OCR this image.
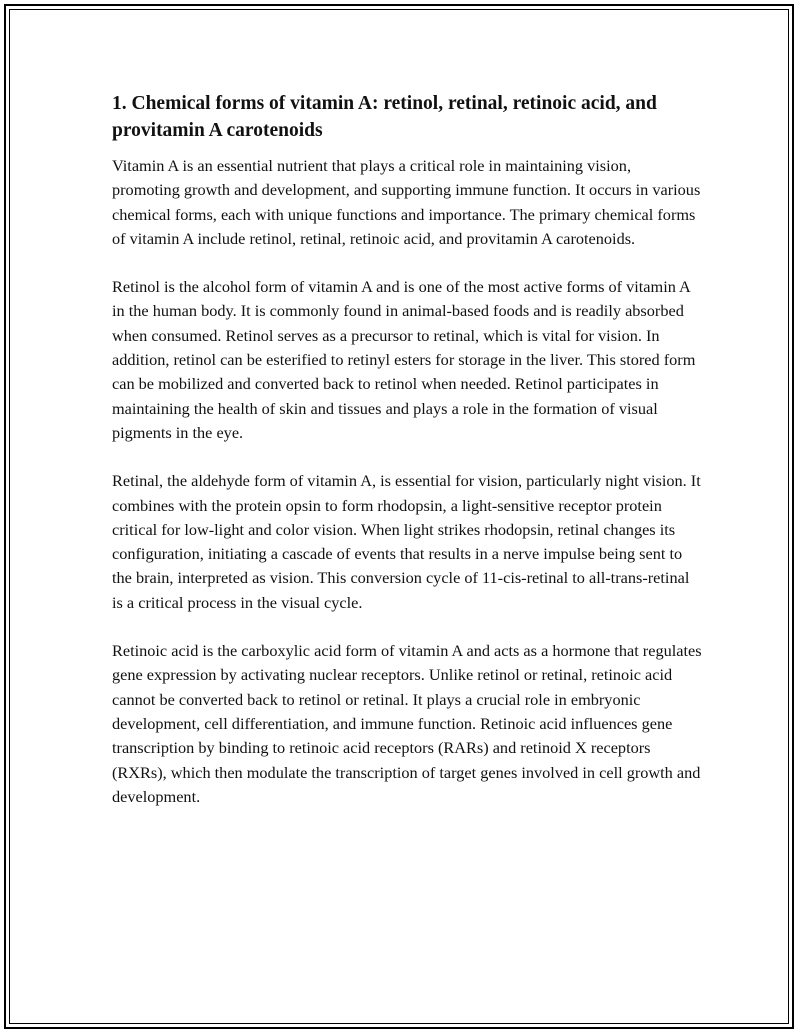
1. Chemical forms of vitamin A: retinol, retinal, retinoic acid, and provitamin A carotenoids

Vitamin A is an essential nutrient that plays a critical role in maintaining vision, promoting growth and development, and supporting immune function. It occurs in various chemical forms, each with unique functions and importance. The primary chemical forms of vitamin A include retinol, retinal, retinoic acid, and provitamin A carotenoids.

Retinol is the alcohol form of vitamin A and is one of the most active forms of vitamin A in the human body. It is commonly found in animal-based foods and is readily absorbed when consumed. Retinol serves as a precursor to retinal, which is vital for vision. In addition, retinol can be esterified to retinyl esters for storage in the liver. This stored form can be mobilized and converted back to retinol when needed. Retinol participates in maintaining the health of skin and tissues and plays a role in the formation of visual pigments in the eye.

Retinal, the aldehyde form of vitamin A, is essential for vision, particularly night vision. It combines with the protein opsin to form rhodopsin, a light-sensitive receptor protein critical for low-light and color vision. When light strikes rhodopsin, retinal changes its configuration, initiating a cascade of events that results in a nerve impulse being sent to the brain, interpreted as vision. This conversion cycle of 11-cis-retinal to all-trans-retinal is a critical process in the visual cycle.

Retinoic acid is the carboxylic acid form of vitamin A and acts as a hormone that regulates gene expression by activating nuclear receptors. Unlike retinol or retinal, retinoic acid cannot be converted back to retinol or retinal. It plays a crucial role in embryonic development, cell differentiation, and immune function. Retinoic acid influences gene transcription by binding to retinoic acid receptors (RARs) and retinoid X receptors (RXRs), which then modulate the transcription of target genes involved in cell growth and development.
